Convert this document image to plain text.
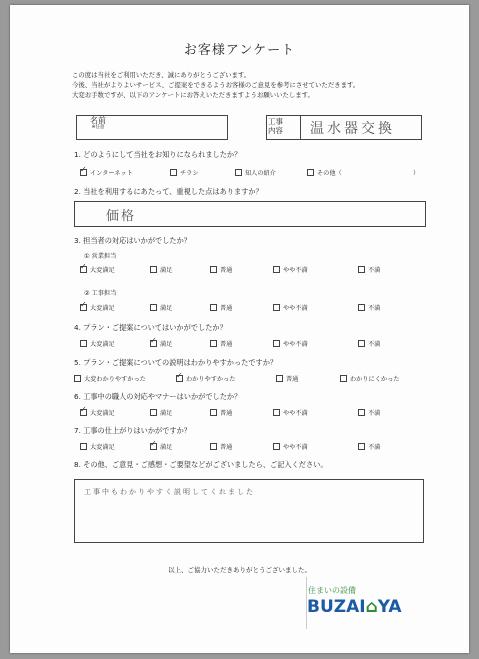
お客様アンケート
この度は当社をご利用いただき、誠にありがとうございます。
今後、当社がよりよいサービス、ご提案をできるようお客様のご意見を参考にさせていただきます。
大変お手数ですが、以下のアンケートにお答えいただきますようお願いいたします。
名前
※任意
工事
内容 温水器交換
1. どのようにして当社をお知りになられましたか？
✓インターネット	チラシ	知人の紹介	その他（	）
2. 当社を利用するにあたって、重視した点はありますか？
価格
3. 担当者の対応はいかがでしたか？
① 営業担当
✓大変満足	満足	普通	やや不満	不満
② 工事担当
✓大変満足	満足	普通	やや不満	不満
4. プラン・ご提案についてはいかがでしたか？
大変満足 ✓	満足	普通	やや不満	不満
5. プラン・ご提案についての説明はわかりやすかったですか？
大変わかりやすかった ✓	わかりやすかった	普通	わかりにくかった
6. 工事中の職人の対応やマナーはいかがでしたか？
✓大変満足	満足	普通	やや不満	不満
7. 工事の仕上がりはいかがですか？
大変満足 ✓	満足	普通	やや不満	不満
8. その他、ご意見・ご感想・ご要望などがございましたら、ご記入ください。
工事中もわかりやすく説明してくれました
以上、ご協力いただきありがとうございました。
住まいの設備
BUZAI⌂YA
